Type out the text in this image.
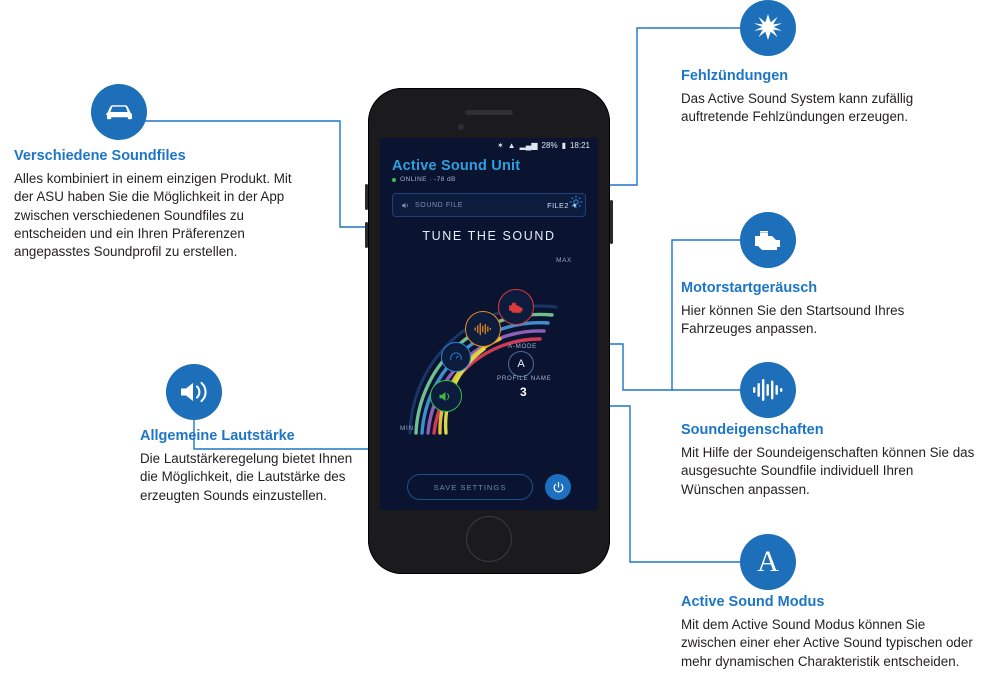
A
Verschiedene Soundfiles
Alles kombiniert in einem einzigen Produkt. Mit der ASU haben Sie die Möglichkeit in der App zwischen verschiedenen Soundfiles zu entscheiden und ein Ihren Präferenzen angepasstes Soundprofil zu erstellen.
Allgemeine Lautstärke
Die Lautstärkeregelung bietet Ihnen die Möglichkeit, die Lautstärke des erzeugten Sounds einzustellen.
Fehlzündungen
Das Active Sound System kann zufällig auftretende Fehlzündungen erzeugen.
Motorstartgeräusch
Hier können Sie den Startsound Ihres Fahrzeuges anpassen.
Soundeigenschaften
Mit Hilfe der Soundeigenschaften können Sie das ausgesuchte Soundfile individuell Ihren Wünschen anpassen.
Active Sound Modus
Mit dem Active Sound Modus können Sie zwischen einer eher Active Sound typischen oder mehr dynamischen Charakteristik entscheiden.
✶ ▲ ▂▄▆ 28% ▮ 18:21
Active Sound Unit
ONLINE · -78 dB
SOUND FILE	FILE2 ▾
TUNE THE SOUND
MAX
MIN
A-MODE
A
PROFILE NAME
3
SAVE SETTINGS
